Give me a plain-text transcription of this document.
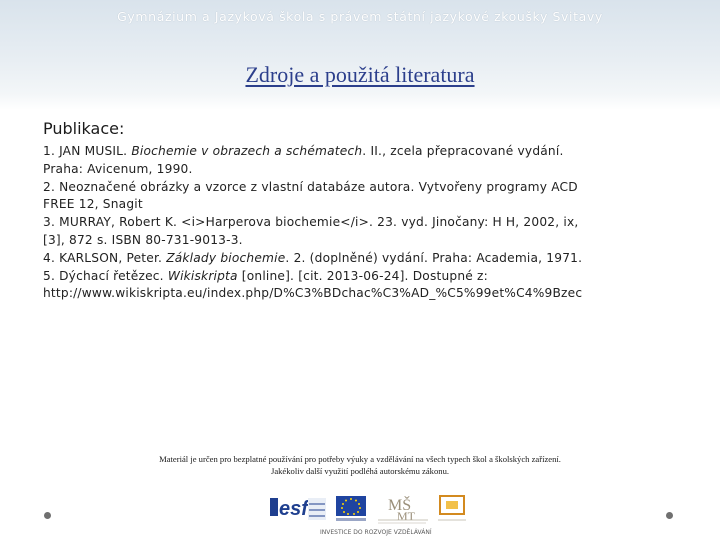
Gymnázium a Jazyková škola s právem státní jazykové zkoušky Svitavy
Zdroje a použitá literatura
Publikace:
1. JAN MUSIL. Biochemie v obrazech a schématech. II., zcela přepracované vydání.
Praha: Avicenum, 1990.
2. Neoznačené obrázky a vzorce z vlastní databáze autora. Vytvořeny programy ACD
FREE 12, Snagit
3. MURRAY, Robert K. <i>Harperova biochemie</i>. 23. vyd. Jinočany: H H, 2002, ix,
[3], 872 s. ISBN 80-731-9013-3.
4. KARLSON, Peter. Základy biochemie. 2. (doplněné) vydání. Praha: Academia, 1971.
5. Dýchací řetězec. Wikiskripta [online]. [cit. 2013-06-24]. Dostupné z:
http://www.wikiskripta.eu/index.php/D%C3%BDchac%C3%AD_%C5%99et%C4%9Bzec
Materiál je určen pro bezplatné používání pro potřeby výuky a vzdělávání na všech typech škol a školských zařízení.
Jakékoliv další využití podléhá autorskému zákonu.
esf	MŠ
MT
INVESTICE DO ROZVOJE VZDĚLÁVÁNÍ
